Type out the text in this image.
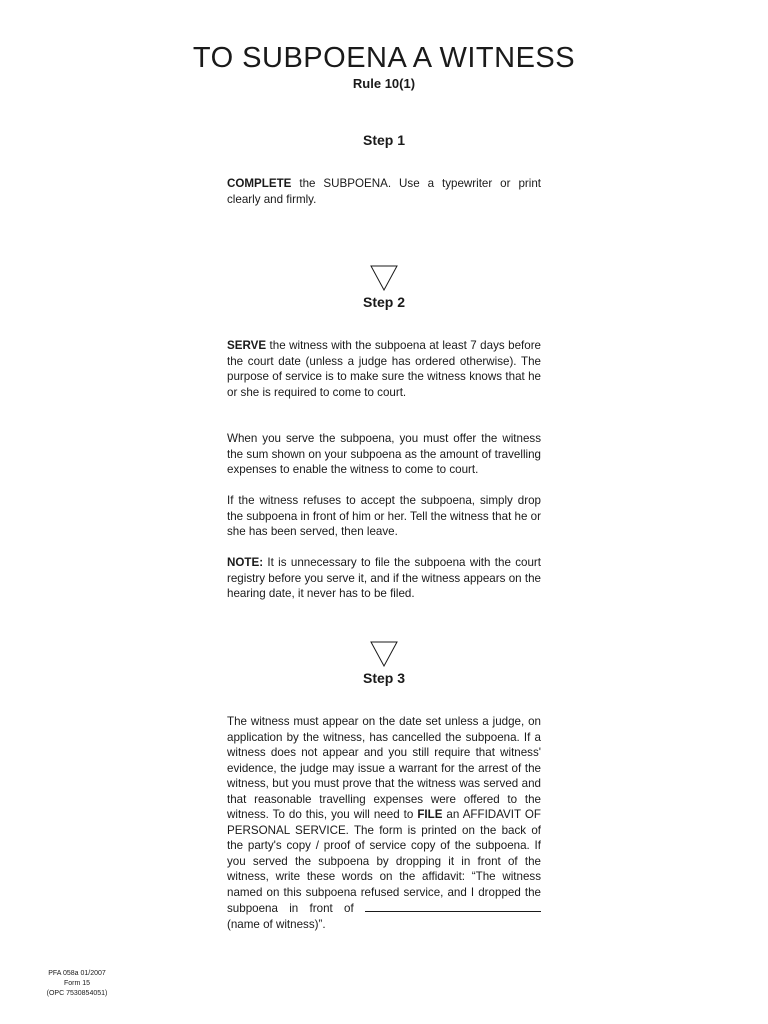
TO SUBPOENA A WITNESS
Rule 10(1)
Step 1

COMPLETE the SUBPOENA. Use a typewriter or print clearly and firmly.

Step 2

SERVE the witness with the subpoena at least 7 days before the court date (unless a judge has ordered otherwise). The purpose of service is to make sure the witness knows that he or she is required to come to court.

When you serve the subpoena, you must offer the witness the sum shown on your subpoena as the amount of travelling expenses to enable the witness to come to court.

If the witness refuses to accept the subpoena, simply drop the subpoena in front of him or her. Tell the witness that he or she has been served, then leave.

NOTE: It is unnecessary to file the subpoena with the court registry before you serve it, and if the witness appears on the hearing date, it never has to be filed.

Step 3

The witness must appear on the date set unless a judge, on application by the witness, has cancelled the subpoena. If a witness does not appear and you still require that witness' evidence, the judge may issue a warrant for the arrest of the witness, but you must prove that the witness was served and that reasonable travelling expenses were offered to the witness. To do this, you will need to FILE an AFFIDAVIT OF PERSONAL SERVICE. The form is printed on the back of the party's copy / proof of service copy of the subpoena. If you served the subpoena by dropping it in front of the witness, write these words on the affidavit: “The witness named on this subpoena refused service, and I dropped the subpoena in front of  (name of witness)”.

PFA 058a 01/2007
Form 15
(OPC 7530854051)
